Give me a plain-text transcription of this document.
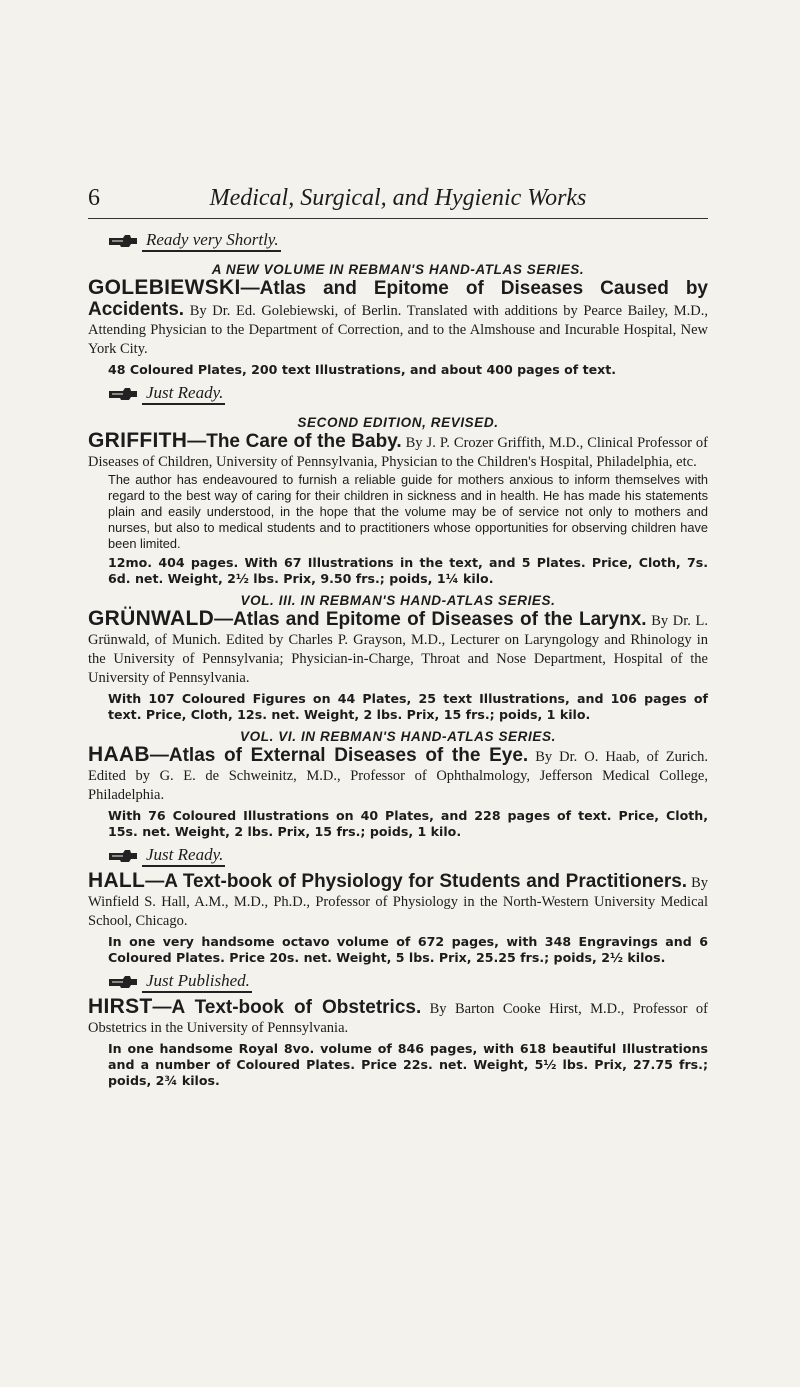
6	Medical, Surgical, and Hygienic Works
Ready very Shortly.
A NEW VOLUME IN REBMAN'S HAND-ATLAS SERIES.
GOLEBIEWSKI—Atlas and Epitome of Diseases Caused by Accidents. By Dr. Ed. Golebiewski, of Berlin. Translated with additions by Pearce Bailey, M.D., Attending Physician to the Department of Correction, and to the Almshouse and Incurable Hospital, New York City.
48 Coloured Plates, 200 text Illustrations, and about 400 pages of text.
Just Ready.
SECOND EDITION, REVISED.
GRIFFITH—The Care of the Baby. By J. P. Crozer Griffith, M.D., Clinical Professor of Diseases of Children, University of Pennsylvania, Physician to the Children's Hospital, Philadelphia, etc.
The author has endeavoured to furnish a reliable guide for mothers anxious to inform themselves with regard to the best way of caring for their children in sickness and in health. He has made his statements plain and easily understood, in the hope that the volume may be of service not only to mothers and nurses, but also to medical students and to practitioners whose opportunities for observing children have been limited.
12mo. 404 pages. With 67 Illustrations in the text, and 5 Plates. Price, Cloth, 7s. 6d. net. Weight, 2½ lbs. Prix, 9.50 frs.; poids, 1¼ kilo.
VOL. III. IN REBMAN'S HAND-ATLAS SERIES.
GRÜNWALD—Atlas and Epitome of Diseases of the Larynx. By Dr. L. Grünwald, of Munich. Edited by Charles P. Grayson, M.D., Lecturer on Laryngology and Rhinology in the University of Pennsylvania; Physician-in-Charge, Throat and Nose Department, Hospital of the University of Pennsylvania.
With 107 Coloured Figures on 44 Plates, 25 text Illustrations, and 106 pages of text. Price, Cloth, 12s. net. Weight, 2 lbs. Prix, 15 frs.; poids, 1 kilo.
VOL. VI. IN REBMAN'S HAND-ATLAS SERIES.
HAAB—Atlas of External Diseases of the Eye. By Dr. O. Haab, of Zurich. Edited by G. E. de Schweinitz, M.D., Professor of Ophthalmology, Jefferson Medical College, Philadelphia.
With 76 Coloured Illustrations on 40 Plates, and 228 pages of text. Price, Cloth, 15s. net. Weight, 2 lbs. Prix, 15 frs.; poids, 1 kilo.
Just Ready.
HALL—A Text-book of Physiology for Students and Practitioners. By Winfield S. Hall, A.M., M.D., Ph.D., Professor of Physiology in the North-Western University Medical School, Chicago.
In one very handsome octavo volume of 672 pages, with 348 Engravings and 6 Coloured Plates. Price 20s. net. Weight, 5 lbs. Prix, 25.25 frs.; poids, 2½ kilos.
Just Published.
HIRST—A Text-book of Obstetrics. By Barton Cooke Hirst, M.D., Professor of Obstetrics in the University of Pennsylvania.
In one handsome Royal 8vo. volume of 846 pages, with 618 beautiful Illustrations and a number of Coloured Plates. Price 22s. net. Weight, 5½ lbs. Prix, 27.75 frs.; poids, 2¾ kilos.
